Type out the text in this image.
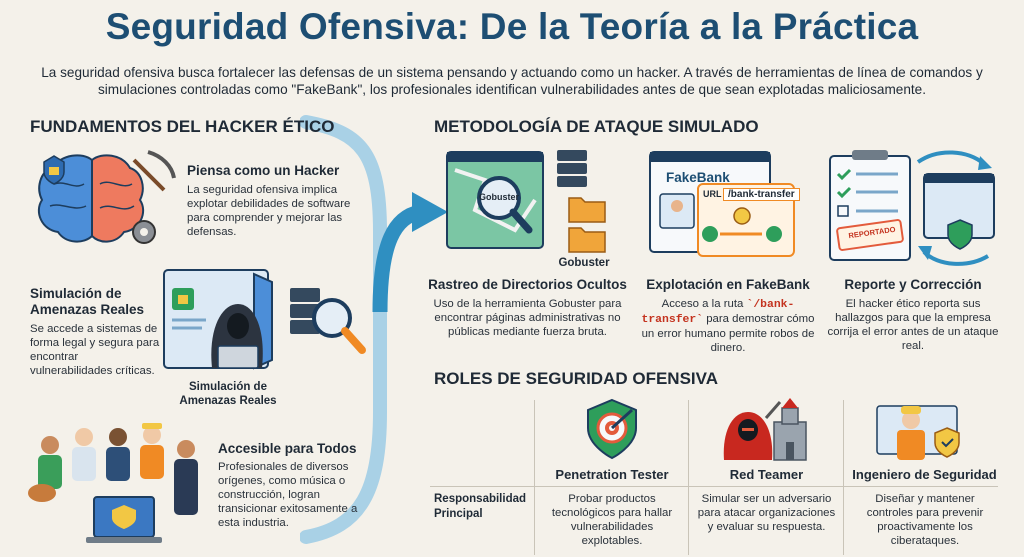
Seguridad Ofensiva: De la Teoría a la Práctica
La seguridad ofensiva busca fortalecer las defensas de un sistema pensando y actuando como un hacker. A través de herramientas de línea de comandos y simulaciones controladas como "FakeBank", los profesionales identifican vulnerabilidades antes de que sean explotadas maliciosamente.
FUNDAMENTOS DEL HACKER ÉTICO
Piensa como un Hacker
La seguridad ofensiva implica explotar debilidades de software para comprender y mejorar las defensas.
Simulación de Amenazas Reales
Se accede a sistemas de forma legal y segura para encontrar vulnerabilidades críticas.
Simulación de Amenazas Reales
Accesible para Todos
Profesionales de diversos orígenes, como música o construcción, logran transicionar exitosamente a esta industria.
METODOLOGÍA DE ATAQUE SIMULADO
Gobuster
Gobuster
Rastreo de Directorios Ocultos
Uso de la herramienta Gobuster para encontrar páginas administrativas no públicas mediante fuerza bruta.
FakeBank
URL /bank-transfer
Explotación en FakeBank
Acceso a la ruta `/bank-transfer` para demostrar cómo un error humano permite robos de dinero.
REPORTADO
Reporte y Corrección
El hacker ético reporta sus hallazgos para que la empresa corrija el error antes de un ataque real.
ROLES DE SEGURIDAD OFENSIVA
Penetration Tester	Red Teamer	Ingeniero de Seguridad
Responsabilidad Principal
Probar productos tecnológicos para hallar vulnerabilidades explotables.
Simular ser un adversario para atacar organizaciones y evaluar su respuesta.
Diseñar y mantener controles para prevenir proactivamente los ciberataques.
